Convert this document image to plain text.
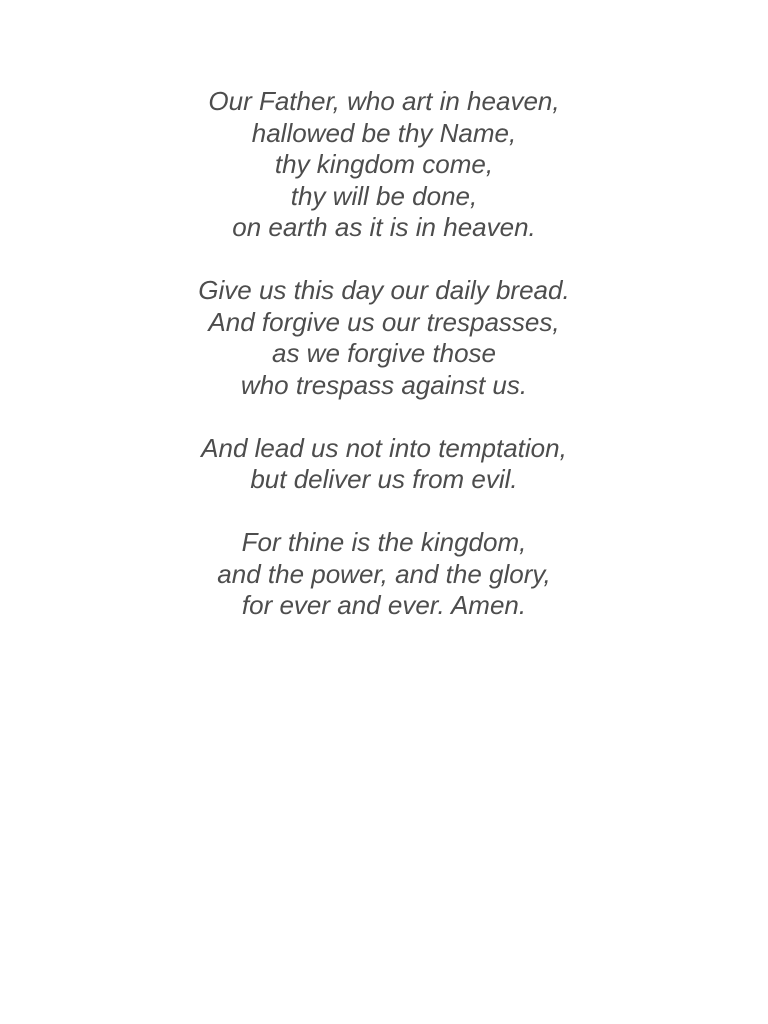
Our Father, who art in heaven,
hallowed be thy Name,
thy kingdom come,
thy will be done,
on earth as it is in heaven.
Give us this day our daily bread.
And forgive us our trespasses,
as we forgive those
who trespass against us.
And lead us not into temptation,
but deliver us from evil.
For thine is the kingdom,
and the power, and the glory,
for ever and ever. Amen.
